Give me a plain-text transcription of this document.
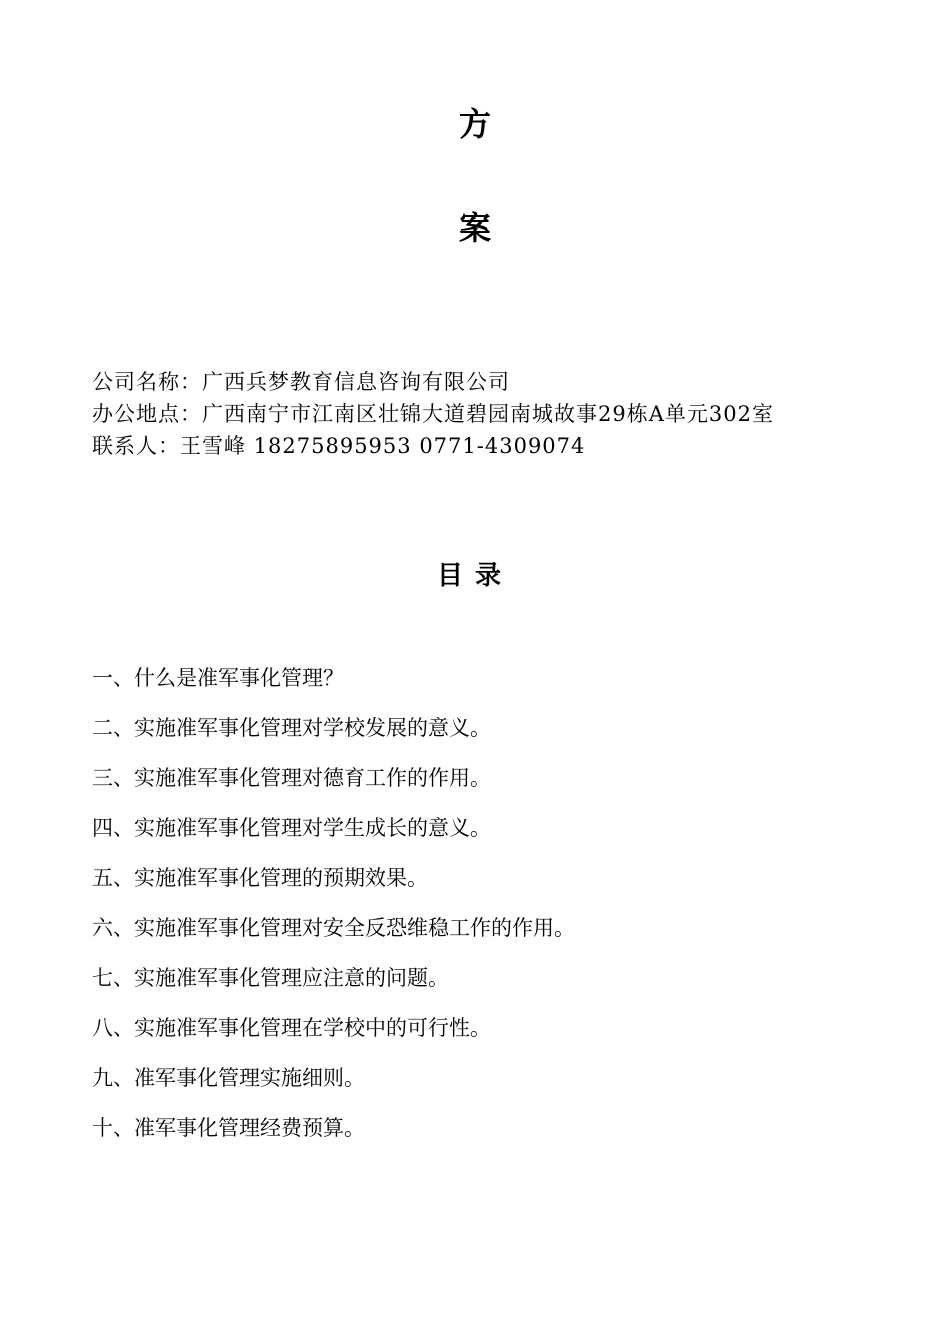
方
案
公司名称：广西兵梦教育信息咨询有限公司
办公地点：广西南宁市江南区壮锦大道碧园南城故事29栋A单元302室
联系人：王雪峰 18275895953 0771-4309074
目录
一、什么是准军事化管理？
二、实施准军事化管理对学校发展的意义。
三、实施准军事化管理对德育工作的作用。
四、实施准军事化管理对学生成长的意义。
五、实施准军事化管理的预期效果。
六、实施准军事化管理对安全反恐维稳工作的作用。
七、实施准军事化管理应注意的问题。
八、实施准军事化管理在学校中的可行性。
九、准军事化管理实施细则。
十、准军事化管理经费预算。
